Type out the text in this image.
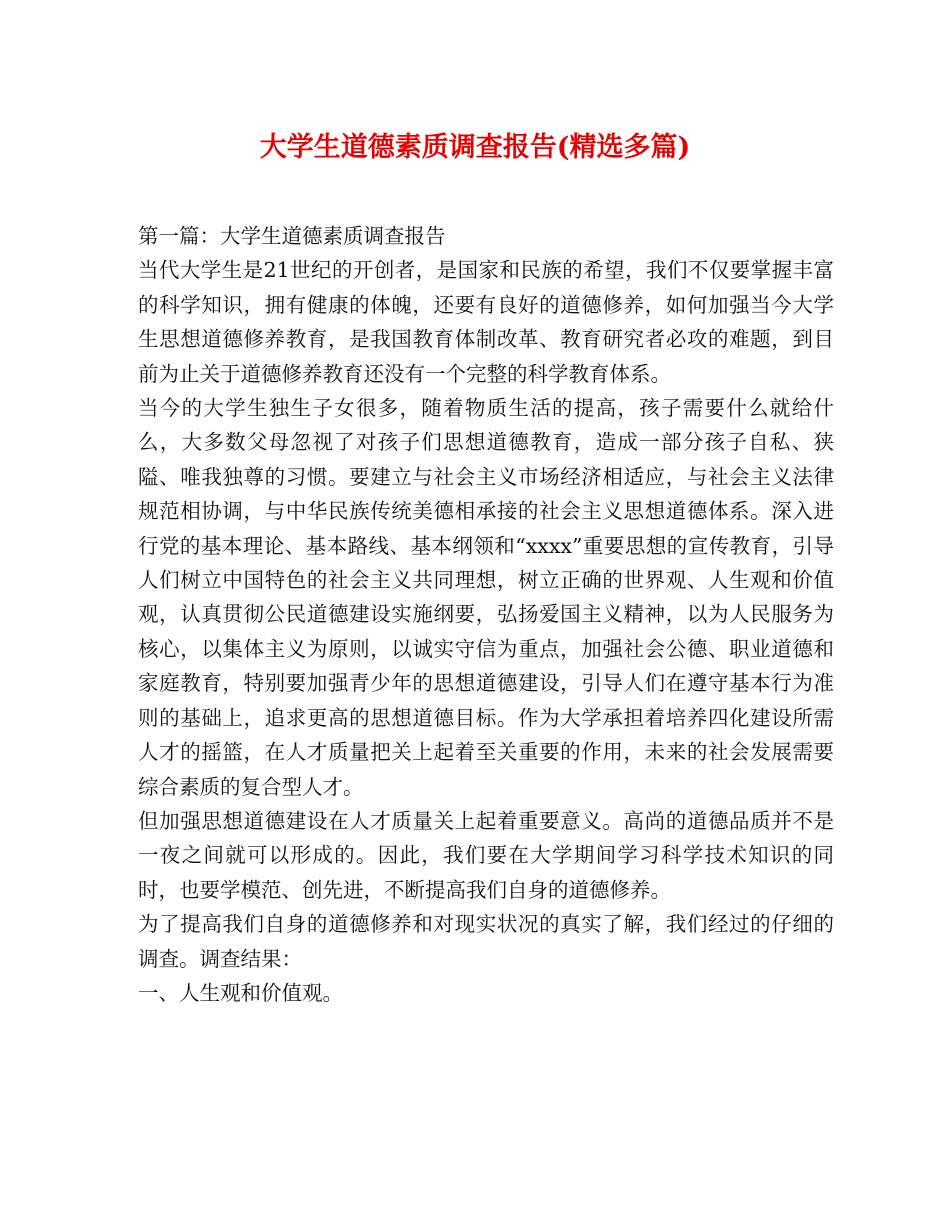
大学生道德素质调查报告(精选多篇)

第一篇：大学生道德素质调查报告

当代大学生是21世纪的开创者，是国家和民族的希望，我们不仅要掌握丰富的科学知识，拥有健康的体魄，还要有良好的道德修养，如何加强当今大学生思想道德修养教育，是我国教育体制改革、教育研究者必攻的难题，到目前为止关于道德修养教育还没有一个完整的科学教育体系。

当今的大学生独生子女很多，随着物质生活的提高，孩子需要什么就给什么，大多数父母忽视了对孩子们思想道德教育，造成一部分孩子自私、狭隘、唯我独尊的习惯。要建立与社会主义市场经济相适应，与社会主义法律规范相协调，与中华民族传统美德相承接的社会主义思想道德体系。深入进行党的基本理论、基本路线、基本纲领和“xxxx”重要思想的宣传教育，引导人们树立中国特色的社会主义共同理想，树立正确的世界观、人生观和价值观，认真贯彻公民道德建设实施纲要，弘扬爱国主义精神，以为人民服务为核心，以集体主义为原则，以诚实守信为重点，加强社会公德、职业道德和家庭教育，特别要加强青少年的思想道德建设，引导人们在遵守基本行为准则的基础上，追求更高的思想道德目标。作为大学承担着培养四化建设所需人才的摇篮，在人才质量把关上起着至关重要的作用，未来的社会发展需要综合素质的复合型人才。

但加强思想道德建设在人才质量关上起着重要意义。高尚的道德品质并不是一夜之间就可以形成的。因此，我们要在大学期间学习科学技术知识的同时，也要学模范、创先进，不断提高我们自身的道德修养。

为了提高我们自身的道德修养和对现实状况的真实了解，我们经过的仔细的调查。调查结果：

一、人生观和价值观。
